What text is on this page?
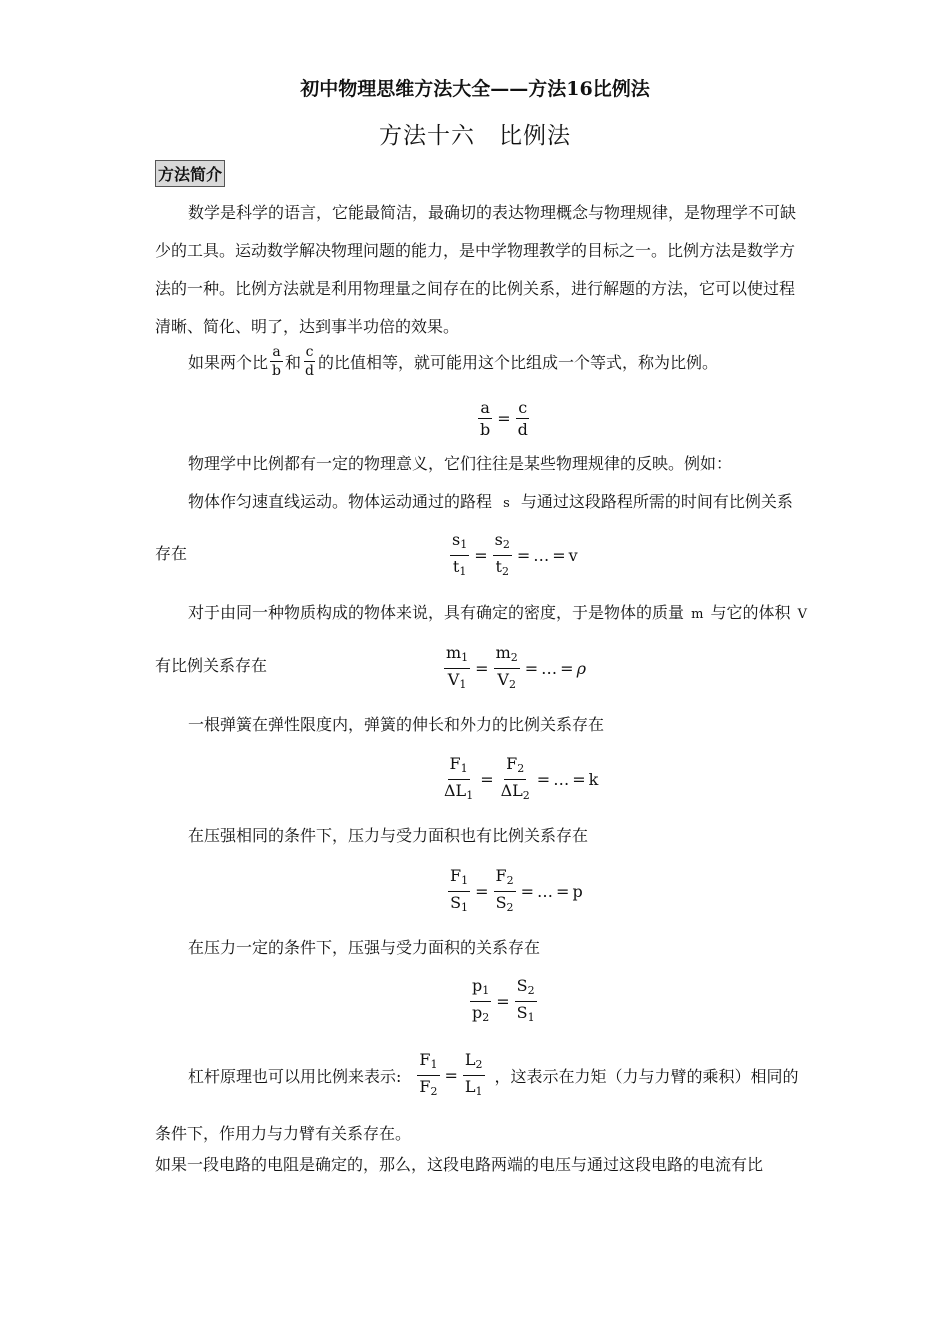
初中物理思维方法大全——方法16比例法
方法十六　比例法
方法简介
数学是科学的语言，它能最简洁，最确切的表达物理概念与物理规律，是物理学不可缺
少的工具。运动数学解决物理问题的能力，是中学物理教学的目标之一。比例方法是数学方
法的一种。比例方法就是利用物理量之间存在的比例关系，进行解题的方法，它可以使过程
清晰、简化、明了，达到事半功倍的效果。
如果两个比 $\frac{a}{b}$ 和 $\frac{c}{d}$ 的比值相等，就可能用这个比组成一个等式，称为比例。
$\frac{a}{b} = \frac{c}{d}$
物理学中比例都有一定的物理意义，它们往往是某些物理规律的反映。例如：
物体作匀速直线运动。物体运动通过的路程 s 与通过这段路程所需的时间有比例关系
存在	$\frac{s_1}{t_1} = \frac{s_2}{t_2}$ = … = v
对于由同一种物质构成的物体来说，具有确定的密度，于是物体的质量 m 与它的体积 V
有比例关系存在	$\frac{m_1}{V_1} = \frac{m_2}{V_2}$ = … = ρ
一根弹簧在弹性限度内，弹簧的伸长和外力的比例关系存在
$\frac{F_1}{\Delta L_1} = \frac{F_2}{\Delta L_2}$ = … = k
在压强相同的条件下，压力与受力面积也有比例关系存在
$\frac{F_1}{S_1} = \frac{F_2}{S_2}$ = … = p
在压力一定的条件下，压强与受力面积的关系存在
$\frac{p_1}{p_2} = \frac{S_2}{S_1}$
杠杆原理也可以用比例来表示: $\frac{F_1}{F_2} = \frac{L_2}{L_1}$ ，这表示在力矩（力与力臂的乘积）相同的
条件下，作用力与力臂有关系存在。
如果一段电路的电阻是确定的，那么，这段电路两端的电压与通过这段电路的电流有比
